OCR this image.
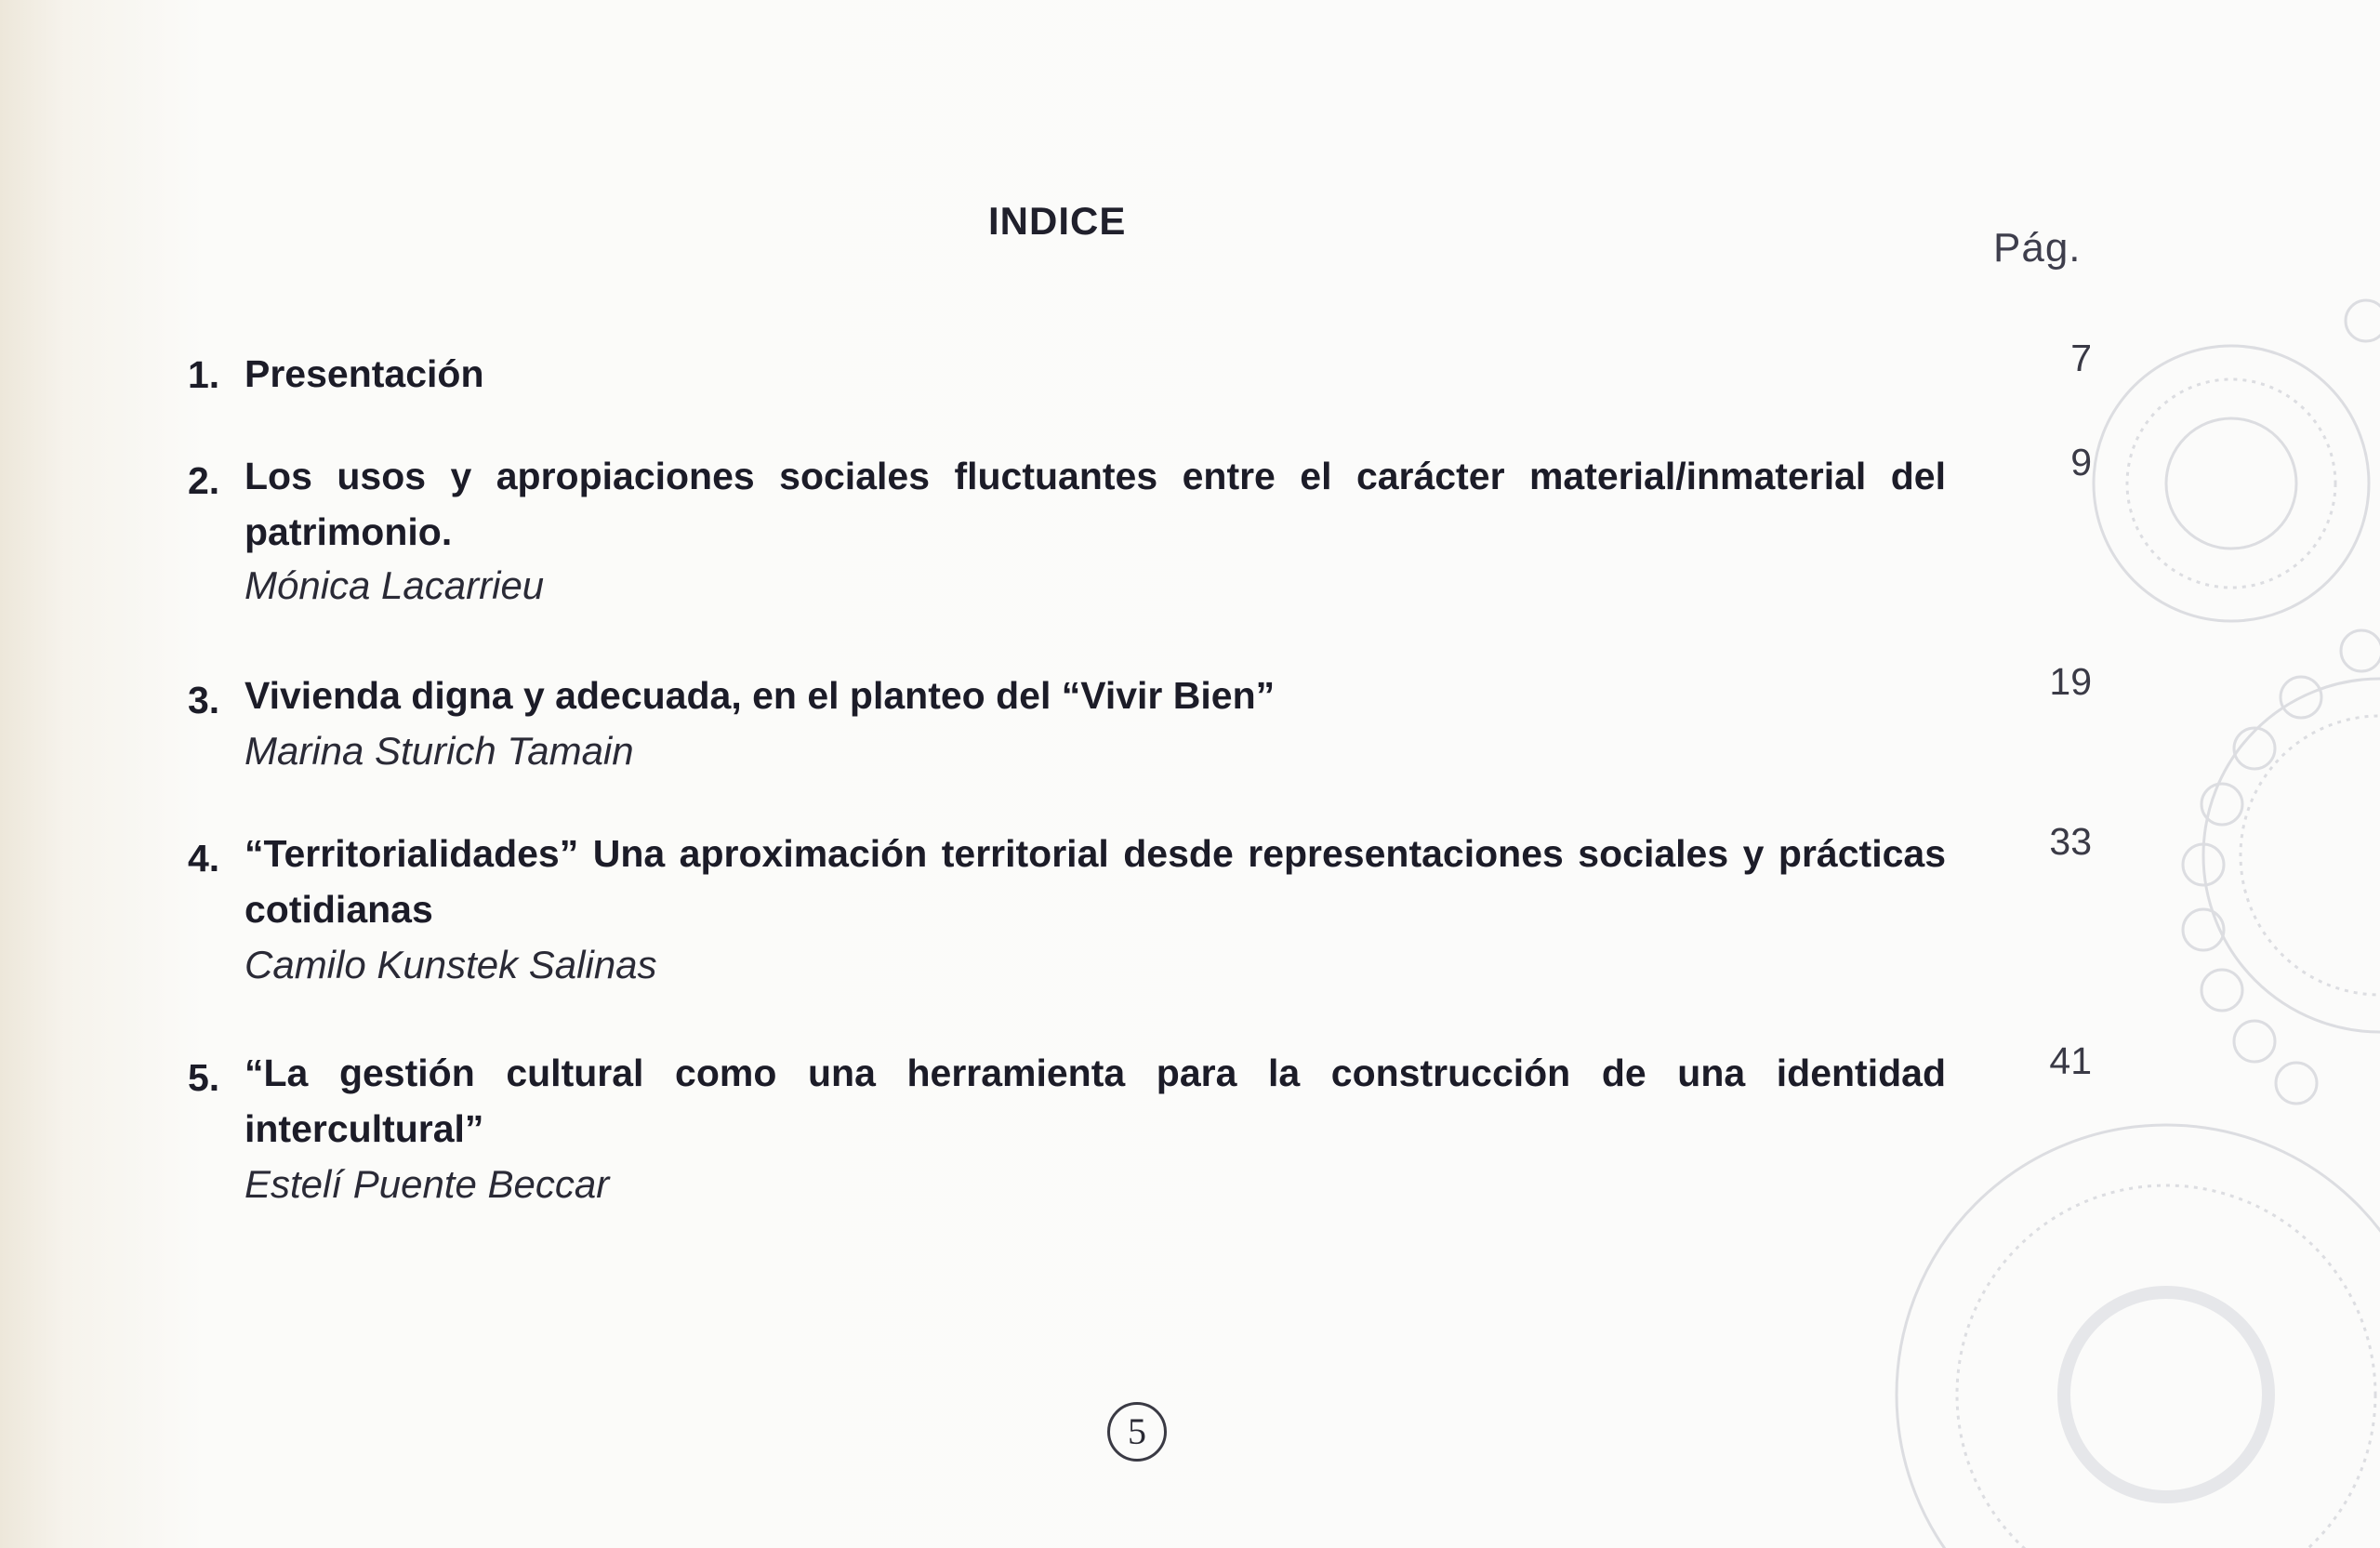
INDICE
Pág.
1. Presentación	7
2. Los usos y apropiaciones sociales fluctuantes entre el carácter material/inmaterial del patrimonio.
Mónica Lacarrieu
9
3. Vivienda digna y adecuada, en el planteo del “Vivir Bien”
Marina Sturich Tamain
19
4. “Territorialidades” Una aproximación territorial desde representaciones sociales y prácticas cotidianas
Camilo Kunstek Salinas
33
5. “La gestión cultural como una herramienta para la construcción de una identidad intercultural”
Estelí Puente Beccar
41
5
